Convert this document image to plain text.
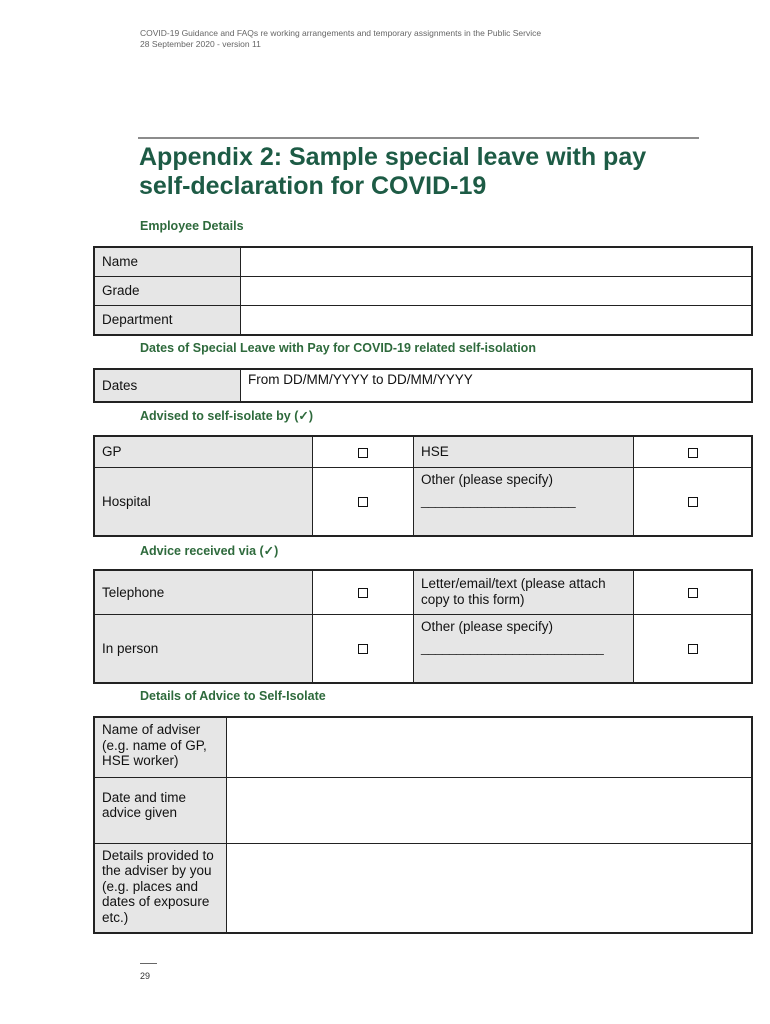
COVID-19 Guidance and FAQs re working arrangements and temporary assignments in the Public Service
28 September 2020 - version 11
Appendix 2: Sample special leave with pay
self-declaration for COVID-19
Employee Details
Name	
Grade	
Department	
Dates of Special Leave with Pay for COVID-19 related self-isolation
Dates	From DD/MM/YYYY to DD/MM/YYYY
Advised to self-isolate by (✓)
GP		HSE	
Hospital		Other (please specify)
______________________	

Advice received via (✓)
Telephone		Letter/email/text (please attach copy to this form)	
In person		Other (please specify)
__________________________	

Details of Advice to Self-Isolate
Name of adviser (e.g. name of GP, HSE worker)	
Date and time advice given	
Details provided to the adviser by you (e.g. places and dates of exposure etc.)	
29
